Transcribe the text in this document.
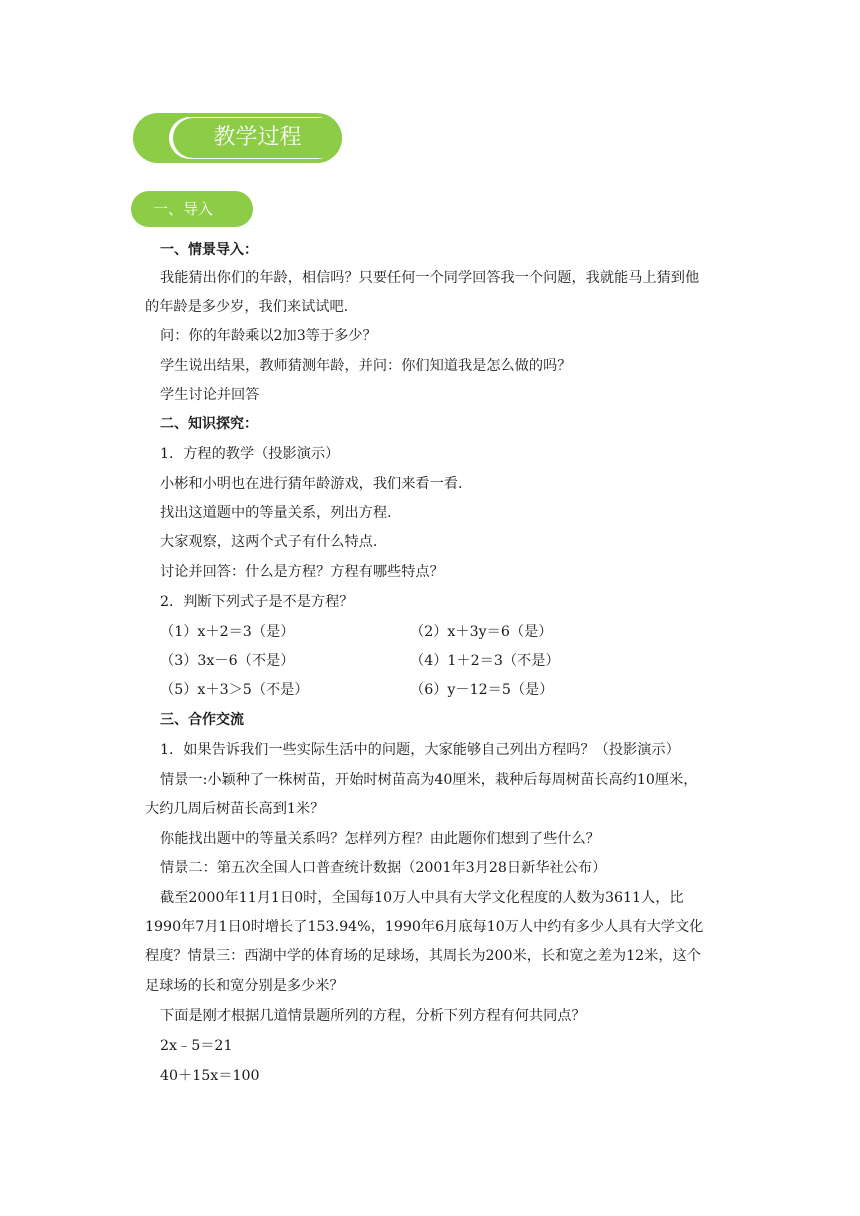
教学过程
一、导入
一、情景导入：
我能猜出你们的年龄，相信吗？只要任何一个同学回答我一个问题，我就能马上猜到他
的年龄是多少岁，我们来试试吧.
问：你的年龄乘以2加3等于多少？
学生说出结果，教师猜测年龄，并问：你们知道我是怎么做的吗？
学生讨论并回答
二、知识探究：
1．方程的教学（投影演示）
小彬和小明也在进行猜年龄游戏，我们来看一看.
找出这道题中的等量关系，列出方程.
大家观察，这两个式子有什么特点.
讨论并回答：什么是方程？方程有哪些特点？
2．判断下列式子是不是方程？
（1）x＋2＝3（是）	（2）x＋3y＝6（是）
（3）3x－6（不是）	（4）1＋2＝3（不是）
（5）x＋3＞5（不是）	（6）y－12＝5（是）
三、合作交流
1．如果告诉我们一些实际生活中的问题，大家能够自己列出方程吗？（投影演示）
情景一:小颖种了一株树苗，开始时树苗高为40厘米，栽种后每周树苗长高约10厘米，
大约几周后树苗长高到1米？
你能找出题中的等量关系吗？怎样列方程？由此题你们想到了些什么？
情景二：第五次全国人口普查统计数据（2001年3月28日新华社公布）
截至2000年11月1日0时，全国每10万人中具有大学文化程度的人数为3611人，比
1990年7月1日0时增长了153.94%，1990年6月底每10万人中约有多少人具有大学文化
程度？情景三：西湖中学的体育场的足球场，其周长为200米，长和宽之差为12米，这个
足球场的长和宽分别是多少米？
下面是刚才根据几道情景题所列的方程，分析下列方程有何共同点？
2x﹣5＝21
40＋15x＝100
